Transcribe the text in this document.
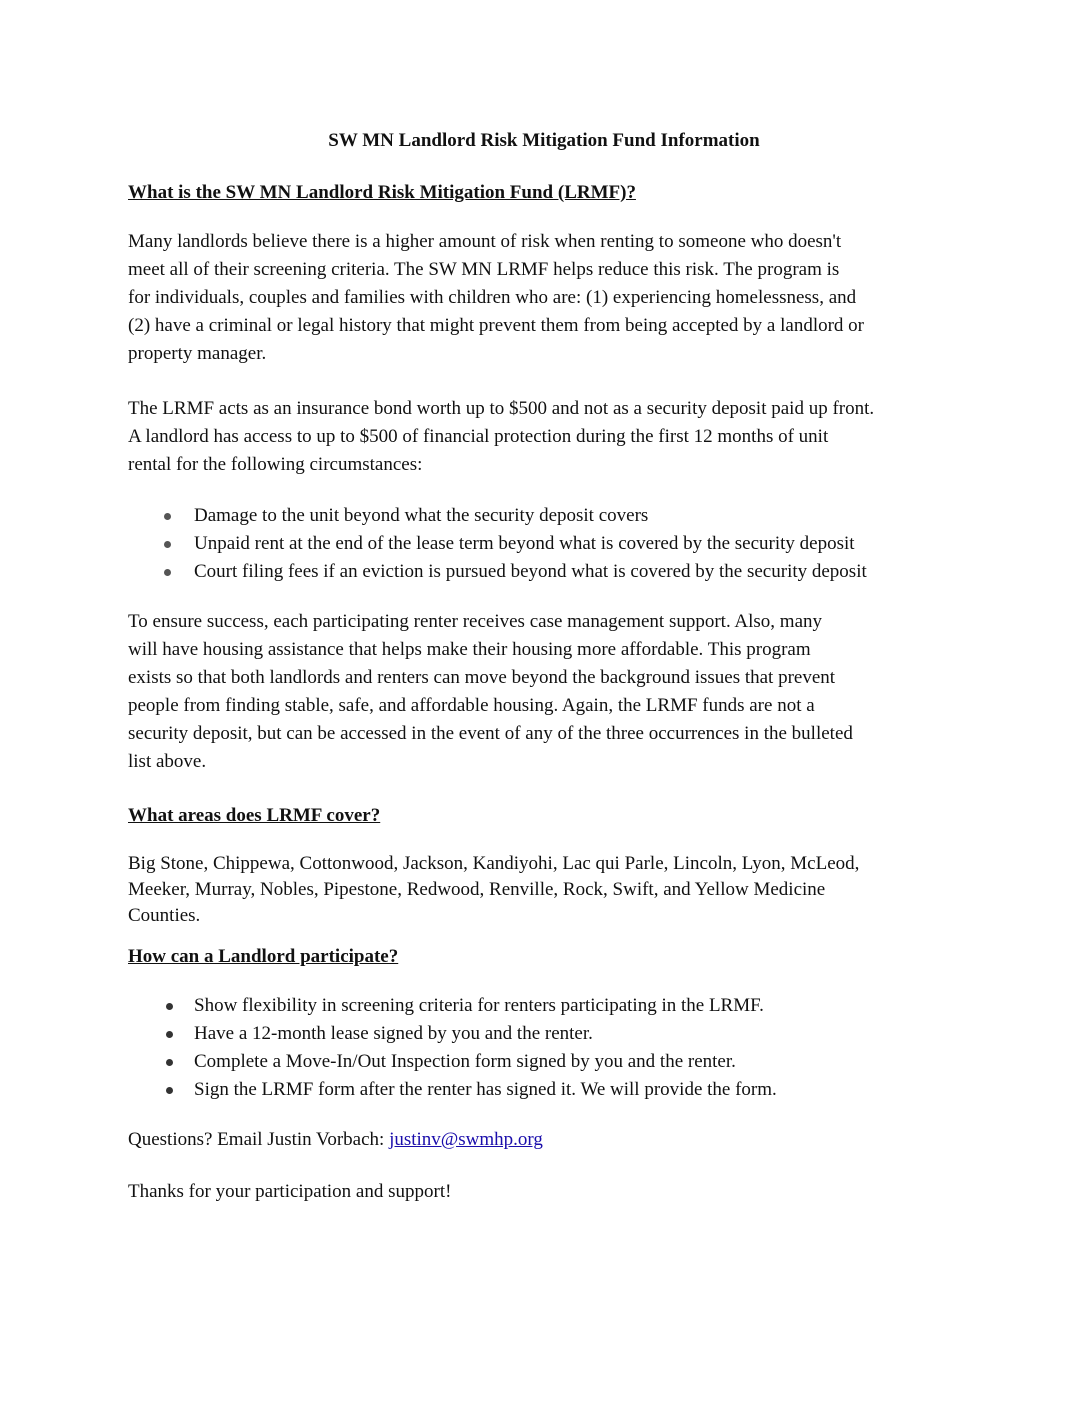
SW MN Landlord Risk Mitigation Fund Information
What is the SW MN Landlord Risk Mitigation Fund (LRMF)?

Many landlords believe there is a higher amount of risk when renting to someone who doesn't
meet all of their screening criteria. The SW MN LRMF helps reduce this risk. The program is
for individuals, couples and families with children who are: (1) experiencing homelessness, and
(2) have a criminal or legal history that might prevent them from being accepted by a landlord or
property manager.

The LRMF acts as an insurance bond worth up to $500 and not as a security deposit paid up front.
A landlord has access to up to $500 of financial protection during the first 12 months of unit
rental for the following circumstances:

Damage to the unit beyond what the security deposit covers
Unpaid rent at the end of the lease term beyond what is covered by the security deposit
Court filing fees if an eviction is pursued beyond what is covered by the security deposit

To ensure success, each participating renter receives case management support. Also, many
will have housing assistance that helps make their housing more affordable. This program
exists so that both landlords and renters can move beyond the background issues that prevent
people from finding stable, safe, and affordable housing. Again, the LRMF funds are not a
security deposit, but can be accessed in the event of any of the three occurrences in the bulleted
list above.

What areas does LRMF cover?

Big Stone, Chippewa, Cottonwood, Jackson, Kandiyohi, Lac qui Parle, Lincoln, Lyon, McLeod,
Meeker, Murray, Nobles, Pipestone, Redwood, Renville, Rock, Swift, and Yellow Medicine
Counties.

How can a Landlord participate?
Show flexibility in screening criteria for renters participating in the LRMF.
Have a 12-month lease signed by you and the renter.
Complete a Move-In/Out Inspection form signed by you and the renter.
Sign the LRMF form after the renter has signed it. We will provide the form.

Questions? Email Justin Vorbach: justinv@swmhp.org

Thanks for your participation and support!
